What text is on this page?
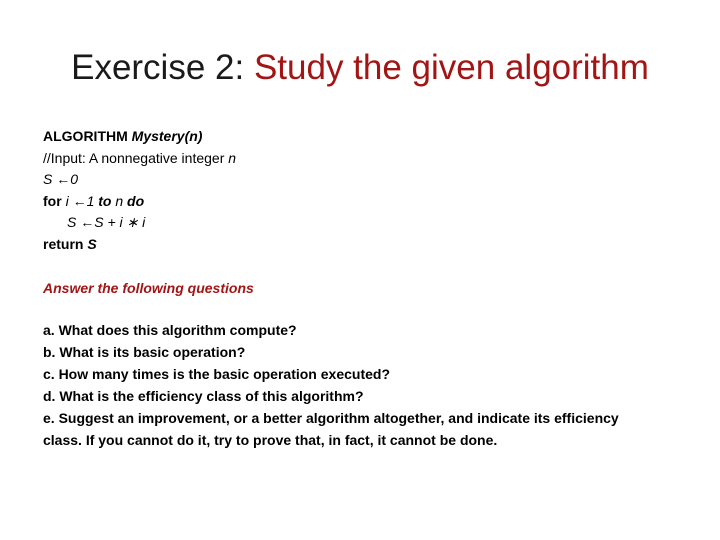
Exercise 2: Study the given algorithm
ALGORITHM Mystery(n)
//Input: A nonnegative integer n
S ←0
for i ←1 to n do
S ←S + i ∗ i
return S
Answer the following questions
a. What does this algorithm compute?
b. What is its basic operation?
c. How many times is the basic operation executed?
d. What is the efficiency class of this algorithm?
e. Suggest an improvement, or a better algorithm altogether, and indicate its efficiency class. If you cannot do it, try to prove that, in fact, it cannot be done.
